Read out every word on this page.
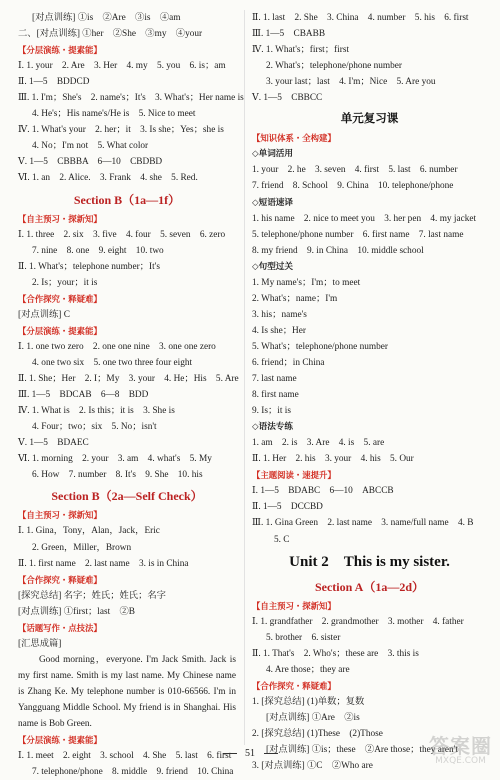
[对点训练] ①is　②Are　③is　④am
二、[对点训练] ①her　②She　③my　④your
【分层演练・提素能】
Ⅰ. 1. your　2. Are　3. Her　4. my　5. you　6. is；am
Ⅱ. 1—5　BDDCD
Ⅲ. 1. I'm；She's　2. name's；It's　3. What's；Her name is
4. He's；His name's/He is　5. Nice to meet
Ⅳ. 1. What's your　2. her；it　3. Is she；Yes；she is
4. No；I'm not　5. What color
Ⅴ. 1—5　CBBBA　6—10　CBDBD
Ⅵ. 1. an　2. Alice.　3. Frank　4. she　5. Red.
Section B（1a—1f）
【自主预习・探新知】
Ⅰ. 1. three　2. six　3. five　4. four　5. seven　6. zero
7. nine　8. one　9. eight　10. two
Ⅱ. 1. What's；telephone number；It's
2. Is；your；it is
【合作探究・释疑难】
[对点训练] C
【分层演练・提素能】
Ⅰ. 1. one two zero　2. one one nine　3. one one zero
4. one two six　5. one two three four eight
Ⅱ. 1. She；Her　2. I；My　3. your　4. He；His　5. Are
Ⅲ. 1—5　BDCAB　6—8　BDD
Ⅳ. 1. What is　2. Is this；it is　3. She is
4. Four；two；six　5. No；isn't
Ⅴ. 1—5　BDAEC
Ⅵ. 1. morning　2. your　3. am　4. what's　5. My
6. How　7. number　8. It's　9. She　10. his
Section B（2a—Self Check）
【自主预习・探新知】
Ⅰ. 1. Gina，Tony，Alan，Jack，Eric
2. Green，Miller，Brown
Ⅱ. 1. first name　2. last name　3. is in China
【合作探究・释疑难】
[探究总结] 名字；姓氏；姓氏；名字
[对点训练] ①first；last　②B
【话题写作・点技法】
[汇思成篇]
　　Good morning，everyone. I'm Jack Smith. Jack is my first name. Smith is my last name. My Chinese name is Zhang Ke. My telephone number is 010-66566. I'm in Yangguang Middle School. My friend is in Shanghai. His name is Bob Green.
【分层演练・提素能】
Ⅰ. 1. meet　2. eight　3. school　4. She　5. last　6. first
7. telephone/phone　8. middle　9. friend　10. China
Ⅱ. 1. last　2. She　3. China　4. number　5. his　6. first
Ⅲ. 1—5　CBABB
Ⅳ. 1. What's；first；first
2. What's；telephone/phone number
3. your last；last　4. I'm；Nice　5. Are you
Ⅴ. 1—5　CBBCC
单元复习课
【知识体系・全构建】
◇单词活用
1. your　2. he　3. seven　4. first　5. last　6. number
7. friend　8. School　9. China　10. telephone/phone
◇短语速译
1. his name　2. nice to meet you　3. her pen　4. my jacket
5. telephone/phone number　6. first name　7. last name
8. my friend　9. in China　10. middle school
◇句型过关
1. My name's；I'm；to meet
2. What's；name；I'm
3. his；name's
4. Is she；Her
5. What's；telephone/phone number
6. friend；in China
7. last name
8. first name
9. Is；it is
◇语法专练
1. am　2. is　3. Are　4. is　5. are
Ⅱ. 1. Her　2. his　3. your　4. his　5. Our
【主题阅读・速提升】
Ⅰ. 1—5　BDABC　6—10　ABCCB
Ⅱ. 1—5　DCCBD
Ⅲ. 1. Gina Green　2. last name　3. name/full name　4. B
5. C
Unit 2　This is my sister.
Section A（1a—2d）
【自主预习・探新知】
Ⅰ. 1. grandfather　2. grandmother　3. mother　4. father
5. brother　6. sister
Ⅱ. 1. That's　2. Who's；these are　3. this is
4. Are those；they are
【合作探究・释疑难】
1. [探究总结] (1)单数；复数
[对点训练] ①Are　②is
2. [探究总结] (1)These　(2)Those
[对点训练] ①is；these　②Are those；they aren't
3. [对点训练] ①C　②Who are
51	答案圈
MXQE.COM
